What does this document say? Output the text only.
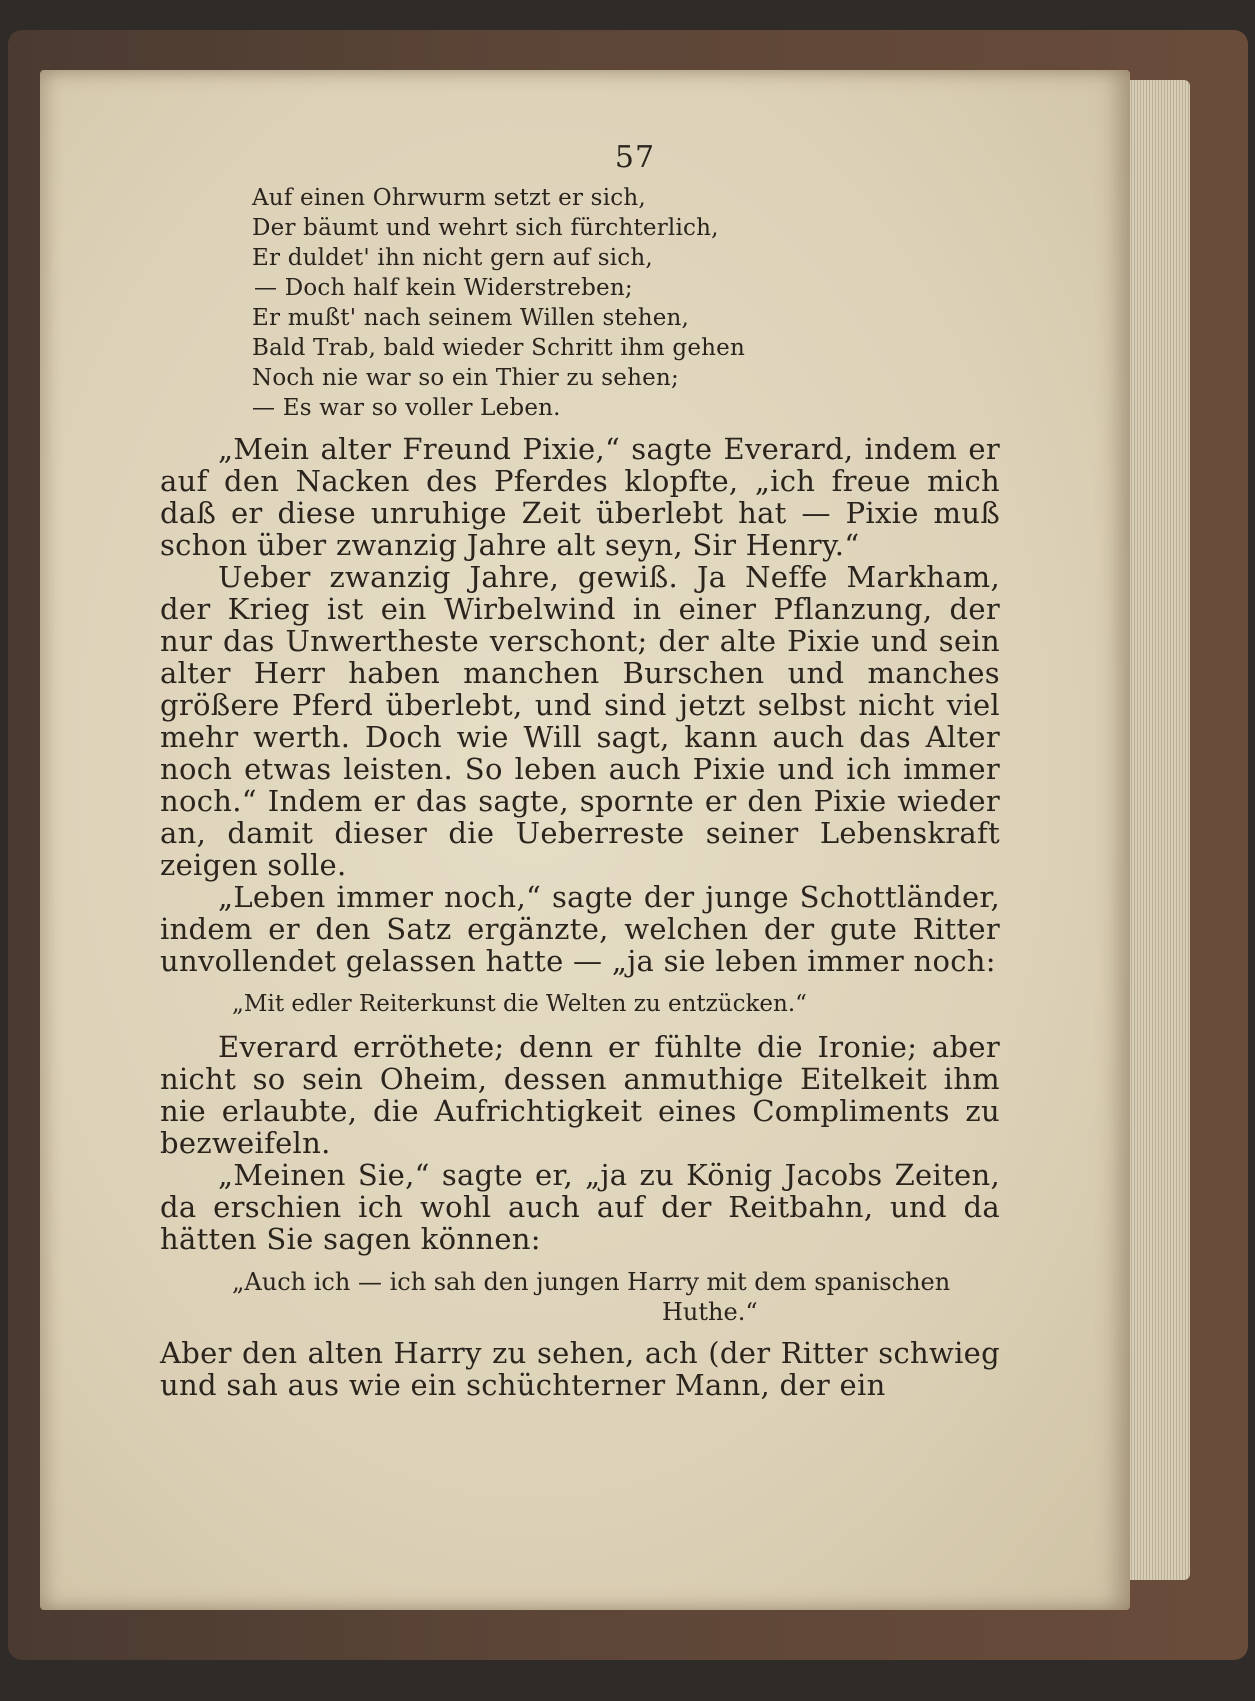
57
Auf einen Ohrwurm setzt er sich,
Der bäumt und wehrt sich fürchterlich,
Er duldet' ihn nicht gern auf sich,
— Doch half kein Widerstreben;
Er mußt' nach seinem Willen stehen,
Bald Trab, bald wieder Schritt ihm gehen
Noch nie war so ein Thier zu sehen;
— Es war so voller Leben.

„Mein alter Freund Pixie,“ sagte Everard, indem er auf den Nacken des Pferdes klopfte, „ich freue mich daß er diese unruhige Zeit überlebt hat — Pixie muß schon über zwanzig Jahre alt seyn, Sir Henry.“

Ueber zwanzig Jahre, gewiß. Ja Neffe Markham, der Krieg ist ein Wirbelwind in einer Pflanzung, der nur das Unwertheste verschont; der alte Pixie und sein alter Herr haben manchen Burschen und manches größere Pferd überlebt, und sind jetzt selbst nicht viel mehr werth. Doch wie Will sagt, kann auch das Alter noch etwas leisten. So leben auch Pixie und ich immer noch.“ Indem er das sagte, spornte er den Pixie wieder an, damit dieser die Ueberreste seiner Lebenskraft zeigen solle.

„Leben immer noch,“ sagte der junge Schottländer, indem er den Satz ergänzte, welchen der gute Ritter unvollendet gelassen hatte — „ja sie leben immer noch:

„Mit edler Reiterkunst die Welten zu entzücken.“

Everard erröthete; denn er fühlte die Ironie; aber nicht so sein Oheim, dessen anmuthige Eitelkeit ihm nie erlaubte, die Aufrichtigkeit eines Compliments zu bezweifeln.

„Meinen Sie,“ sagte er, „ja zu König Jacobs Zeiten, da erschien ich wohl auch auf der Reitbahn, und da hätten Sie sagen können:

„Auch ich — ich sah den jungen Harry mit dem spanischen
Huthe.“

Aber den alten Harry zu sehen, ach (der Ritter schwieg und sah aus wie ein schüchterner Mann, der ein
